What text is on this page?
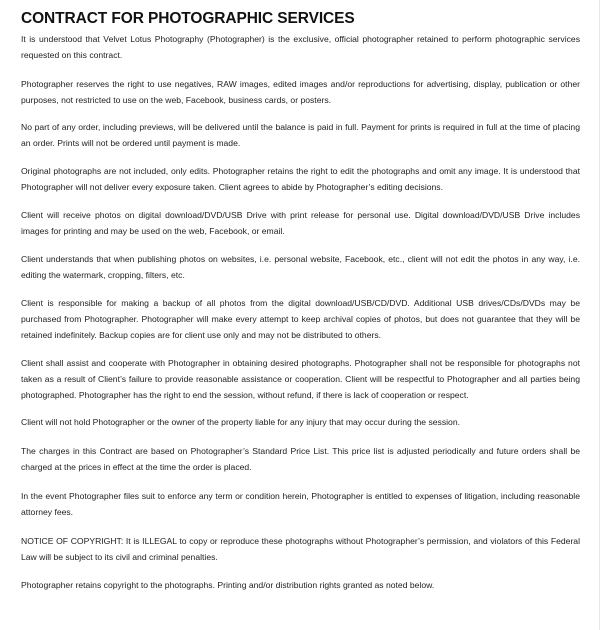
CONTRACT FOR PHOTOGRAPHIC SERVICES

It is understood that Velvet Lotus Photography (Photographer) is the exclusive, official photographer retained to perform photographic services requested on this contract.

Photographer reserves the right to use negatives, RAW images, edited images and/or reproductions for advertising, display, publication or other purposes, not restricted to use on the web, Facebook, business cards, or posters.

No part of any order, including previews, will be delivered until the balance is paid in full. Payment for prints is required in full at the time of placing an order. Prints will not be ordered until payment is made.

Original photographs are not included, only edits. Photographer retains the right to edit the photographs and omit any image. It is understood that Photographer will not deliver every exposure taken. Client agrees to abide by Photographer’s editing decisions.

Client will receive photos on digital download/DVD/USB Drive with print release for personal use. Digital download/DVD/USB Drive includes images for printing and may be used on the web, Facebook, or email.

Client understands that when publishing photos on websites, i.e. personal website, Facebook, etc., client will not edit the photos in any way, i.e. editing the watermark, cropping, filters, etc.

Client is responsible for making a backup of all photos from the digital download/USB/CD/DVD. Additional USB drives/CDs/DVDs may be purchased from Photographer. Photographer will make every attempt to keep archival copies of photos, but does not guarantee that they will be retained indefinitely. Backup copies are for client use only and may not be distributed to others.

Client shall assist and cooperate with Photographer in obtaining desired photographs. Photographer shall not be responsible for photographs not taken as a result of Client’s failure to provide reasonable assistance or cooperation. Client will be respectful to Photographer and all parties being photographed. Photographer has the right to end the session, without refund, if there is lack of cooperation or respect.

Client will not hold Photographer or the owner of the property liable for any injury that may occur during the session.

The charges in this Contract are based on Photographer’s Standard Price List. This price list is adjusted periodically and future orders shall be charged at the prices in effect at the time the order is placed.

In the event Photographer files suit to enforce any term or condition herein, Photographer is entitled to expenses of litigation, including reasonable attorney fees.

NOTICE OF COPYRIGHT: It is ILLEGAL to copy or reproduce these photographs without Photographer’s permission, and violators of this Federal Law will be subject to its civil and criminal penalties.

Photographer retains copyright to the photographs. Printing and/or distribution rights granted as noted below.
